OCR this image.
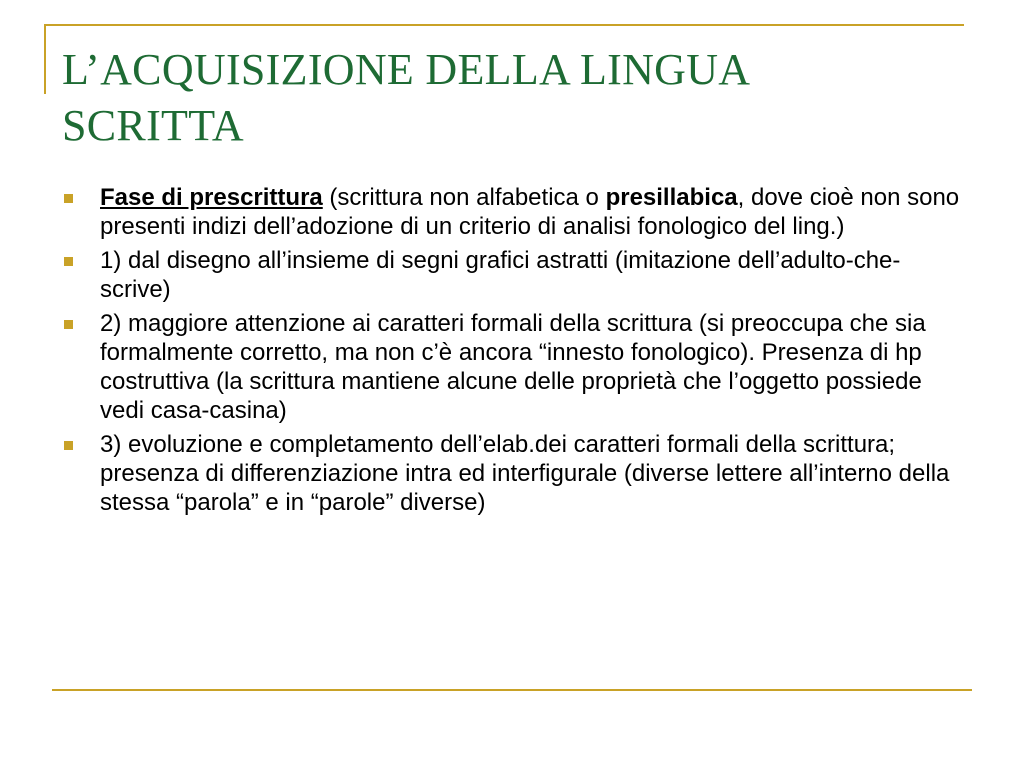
L’ACQUISIZIONE DELLA LINGUA
SCRITTA
Fase di prescrittura (scrittura non alfabetica o presillabica, dove cioè non sono presenti indizi dell’adozione di un criterio di analisi fonologico del ling.)
1) dal disegno all’insieme di segni grafici astratti (imitazione dell’adulto-che-scrive)
2) maggiore attenzione ai caratteri formali della scrittura (si preoccupa che sia formalmente corretto, ma non c’è ancora “innesto fonologico). Presenza di hp costruttiva (la scrittura mantiene alcune delle proprietà che l’oggetto possiede vedi casa-casina)
3) evoluzione e completamento dell’elab.dei caratteri formali della scrittura; presenza di differenziazione intra ed interfigurale (diverse lettere all’interno della stessa “parola” e in “parole” diverse)
